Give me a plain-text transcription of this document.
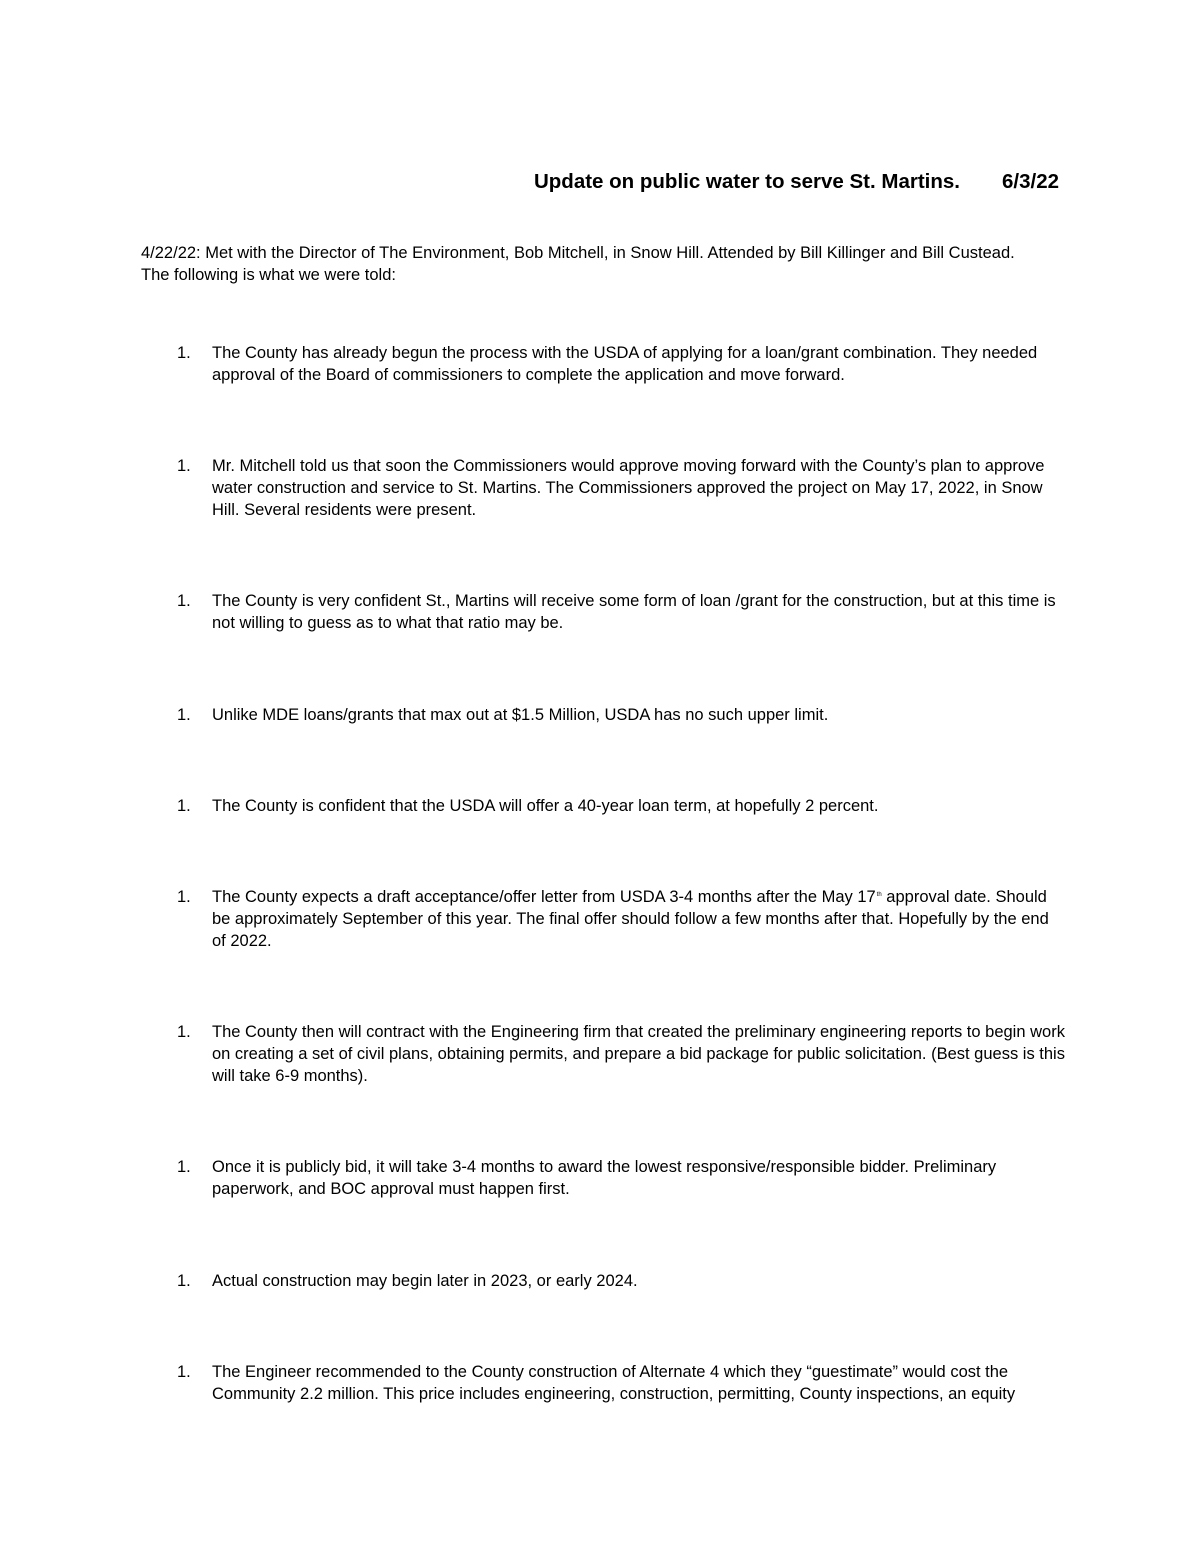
Update on public water to serve St. Martins. 6/3/22
4/22/22: Met with the Director of The Environment, Bob Mitchell, in Snow Hill. Attended by Bill Killinger and Bill Custead.
The following is what we were told:
1. The County has already begun the process with the USDA of applying for a loan/grant combination. They needed approval of the Board of commissioners to complete the application and move forward.
1. Mr. Mitchell told us that soon the Commissioners would approve moving forward with the County’s plan to approve water construction and service to St. Martins. The Commissioners approved the project on May 17, 2022, in Snow Hill. Several residents were present.
1. The County is very confident St., Martins will receive some form of loan /grant for the construction, but at this time is not willing to guess as to what that ratio may be.
1. Unlike MDE loans/grants that max out at $1.5 Million, USDA has no such upper limit.
1. The County is confident that the USDA will offer a 40-year loan term, at hopefully 2 percent.
1. The County expects a draft acceptance/offer letter from USDA 3-4 months after the May 17th approval date. Should be approximately September of this year. The final offer should follow a few months after that. Hopefully by the end of 2022.
1. The County then will contract with the Engineering firm that created the preliminary engineering reports to begin work on creating a set of civil plans, obtaining permits, and prepare a bid package for public solicitation. (Best guess is this will take 6-9 months).
1. Once it is publicly bid, it will take 3-4 months to award the lowest responsive/responsible bidder. Preliminary paperwork, and BOC approval must happen first.
1. Actual construction may begin later in 2023, or early 2024.
1. The Engineer recommended to the County construction of Alternate 4 which they “guestimate” would cost the Community 2.2 million. This price includes engineering, construction, permitting, County inspections, an equity
